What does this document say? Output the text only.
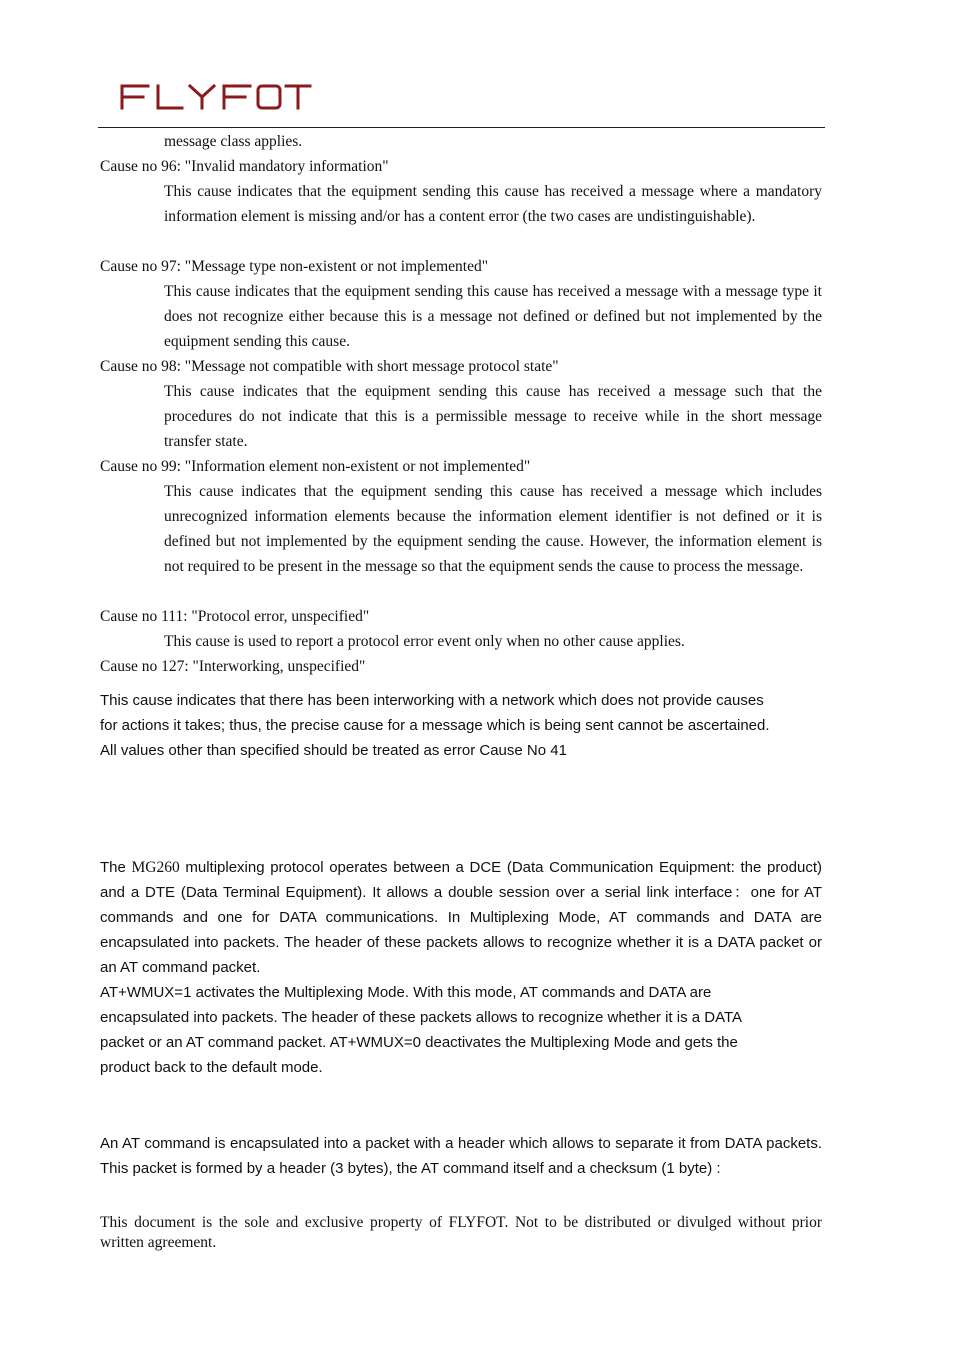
message class applies.
Cause no 96: "Invalid mandatory information"
This cause indicates that the equipment sending this cause has received a message where a mandatory information element is missing and/or has a content error (the two cases are undistinguishable).
Cause no 97: "Message type non-existent or not implemented"
This cause indicates that the equipment sending this cause has received a message with a message type it does not recognize either because this is a message not defined or defined but not implemented by the equipment sending this cause.
Cause no 98: "Message not compatible with short message protocol state"
This cause indicates that the equipment sending this cause has received a message such that the procedures do not indicate that this is a permissible message to receive while in the short message transfer state.
Cause no 99: "Information element non-existent or not implemented"
This cause indicates that the equipment sending this cause has received a message which includes unrecognized information elements because the information element identifier is not defined or it is defined but not implemented by the equipment sending the cause. However, the information element is not required to be present in the message so that the equipment sends the cause to process the message.
Cause no 111: "Protocol error, unspecified"
This cause is used to report a protocol error event only when no other cause applies.
Cause no 127: "Interworking, unspecified"
This cause indicates that there has been interworking with a network which does not provide causes
for actions it takes; thus, the precise cause for a message which is being sent cannot be ascertained.
All values other than specified should be treated as error Cause No 41
The MG260 multiplexing protocol operates between a DCE (Data Communication Equipment: the product) and a DTE (Data Terminal Equipment). It allows a double session over a serial link interface：one for AT commands and one for DATA communications. In Multiplexing Mode, AT commands and DATA are encapsulated into packets. The header of these packets allows to recognize whether it is a DATA packet or an AT command packet.
AT+WMUX=1 activates the Multiplexing Mode. With this mode, AT commands and DATA are
encapsulated into packets. The header of these packets allows to recognize whether it is a DATA
packet or an AT command packet. AT+WMUX=0 deactivates the Multiplexing Mode and gets the
product back to the default mode.
An AT command is encapsulated into a packet with a header which allows to separate it from DATA packets. This packet is formed by a header (3 bytes), the AT command itself and a checksum (1 byte) :
This document is the sole and exclusive property of FLYFOT. Not to be distributed or divulged without prior written agreement.
